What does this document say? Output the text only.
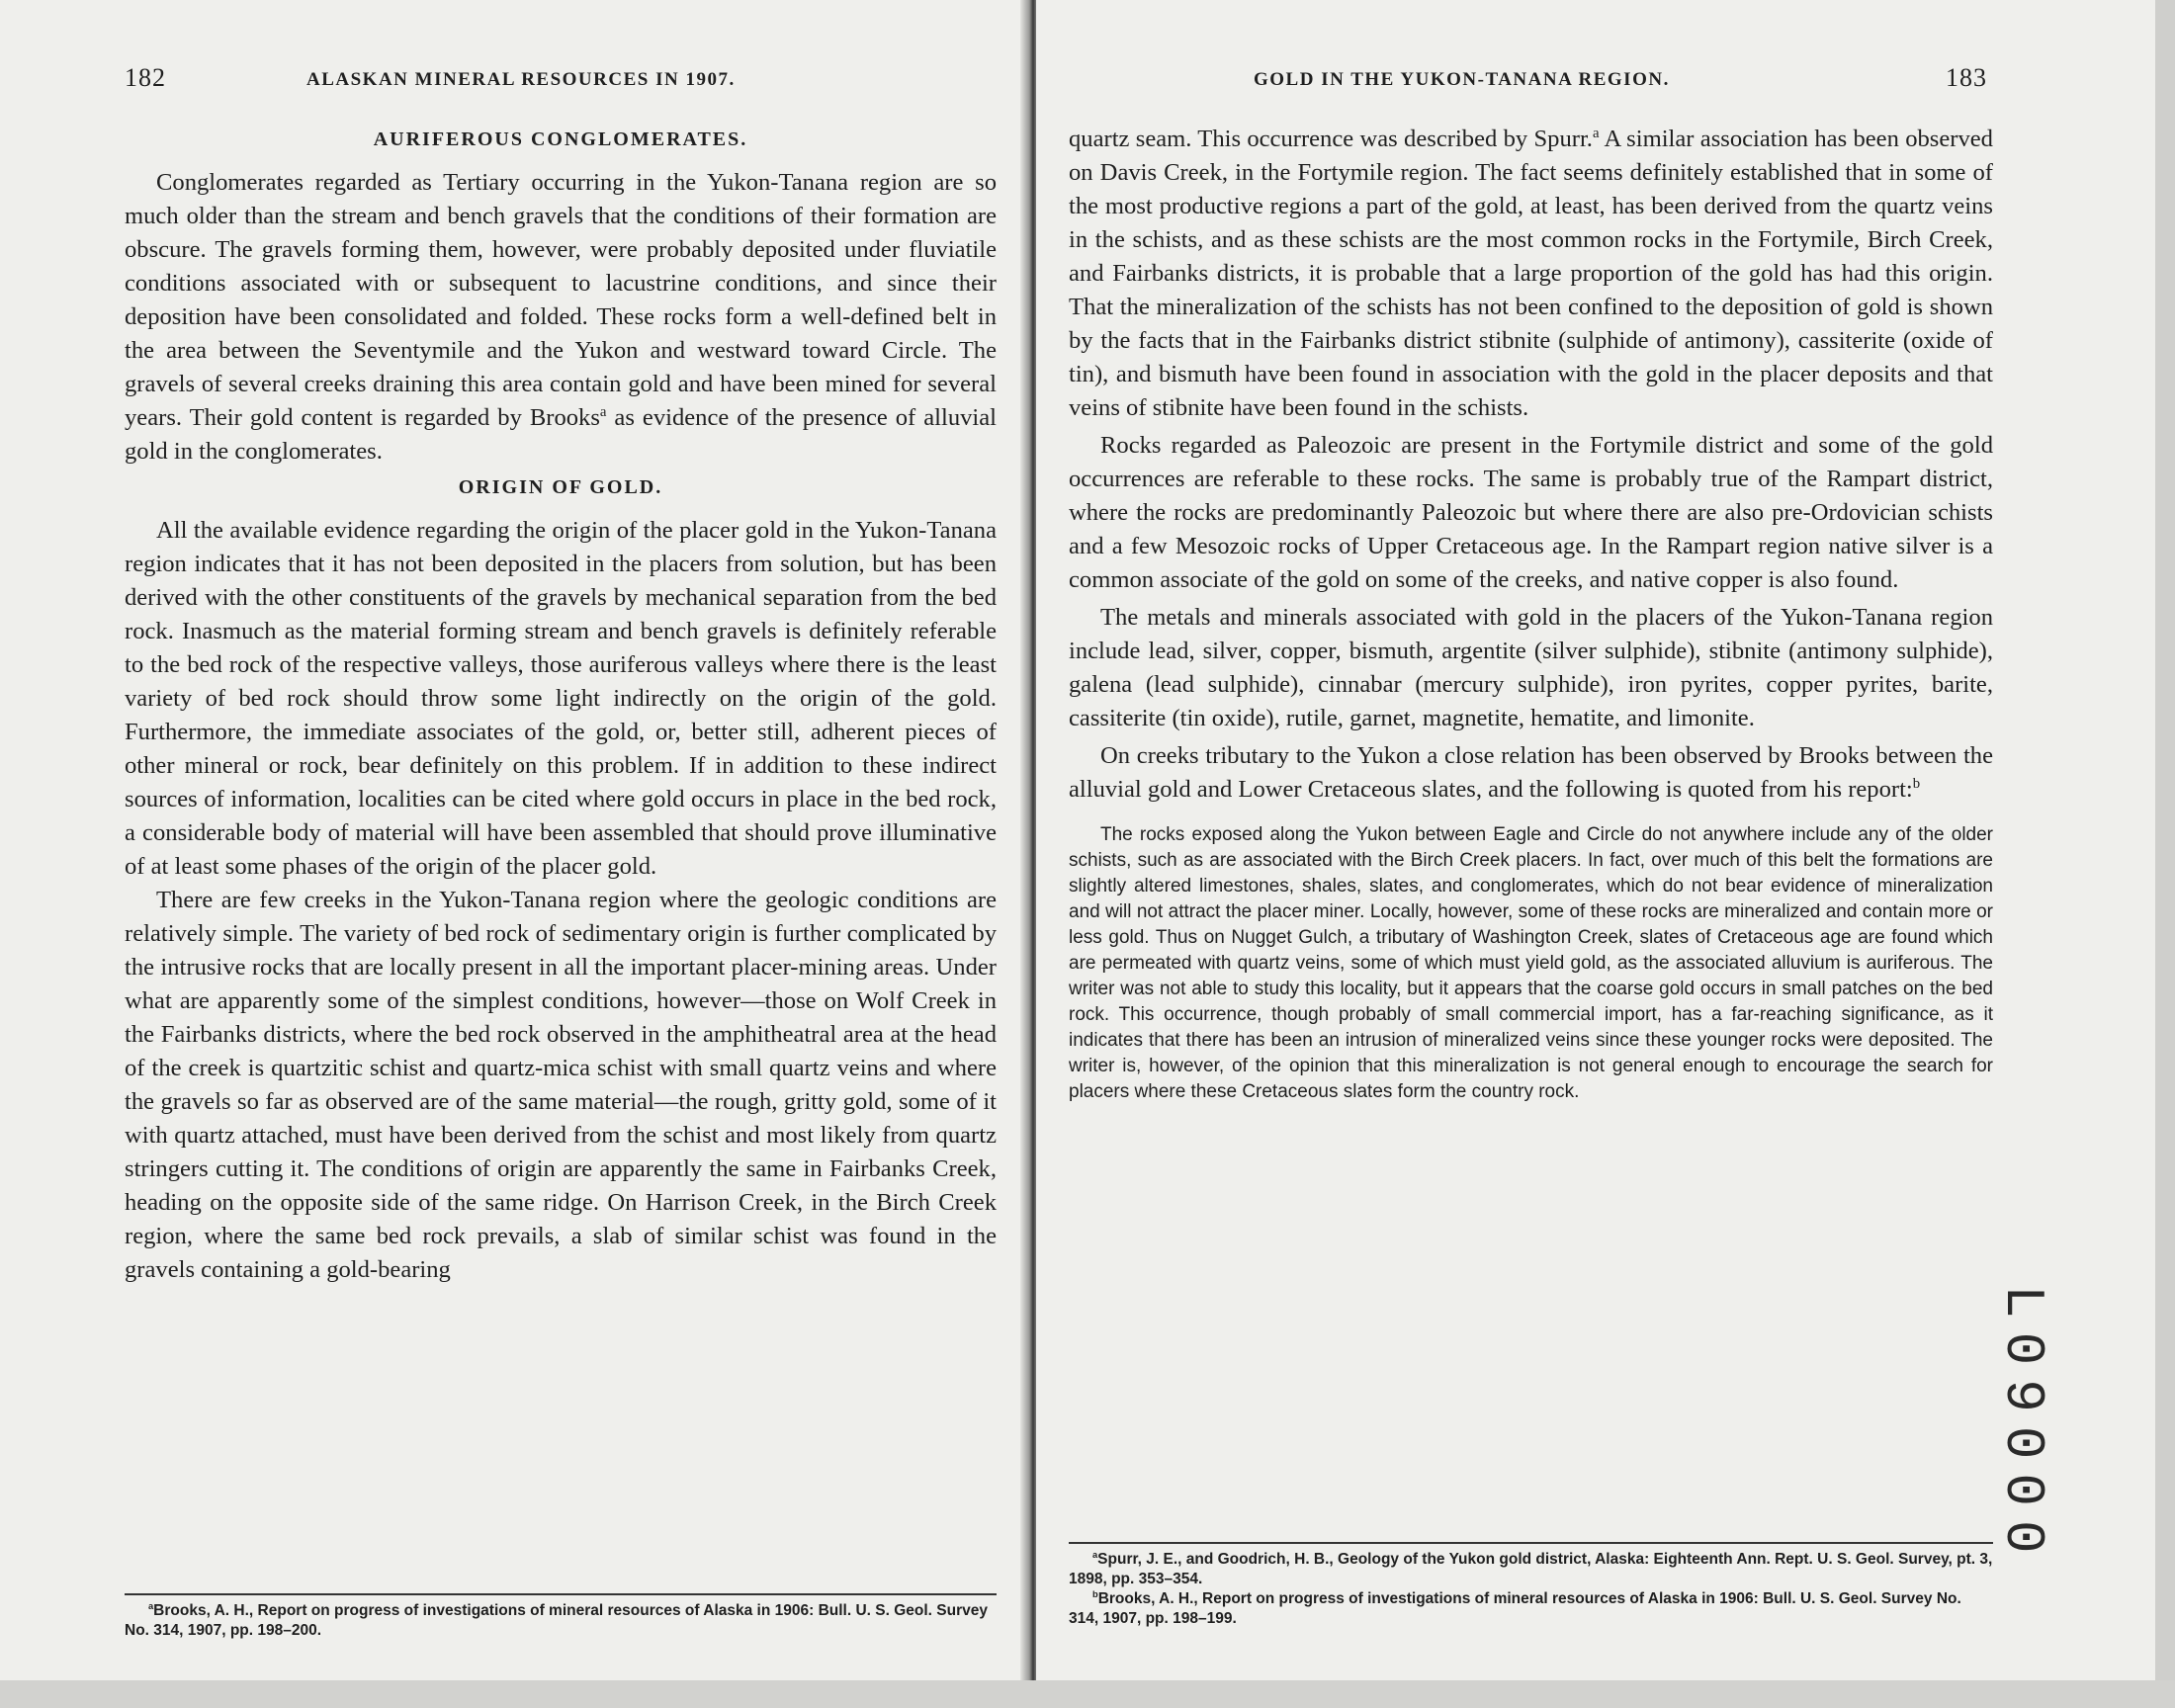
182	ALASKAN MINERAL RESOURCES IN 1907.

AURIFEROUS CONGLOMERATES.

Conglomerates regarded as Tertiary occurring in the Yukon-Tanana region are so much older than the stream and bench gravels that the conditions of their formation are obscure. The gravels forming them, however, were probably deposited under fluviatile conditions associated with or subsequent to lacustrine conditions, and since their deposition have been consolidated and folded. These rocks form a well-defined belt in the area between the Seventymile and the Yukon and westward toward Circle. The gravels of several creeks draining this area contain gold and have been mined for several years. Their gold content is regarded by Brooks$^a$ as evidence of the presence of alluvial gold in the conglomerates.

ORIGIN OF GOLD.

All the available evidence regarding the origin of the placer gold in the Yukon-Tanana region indicates that it has not been deposited in the placers from solution, but has been derived with the other constituents of the gravels by mechanical separation from the bed rock. Inasmuch as the material forming stream and bench gravels is definitely referable to the bed rock of the respective valleys, those auriferous valleys where there is the least variety of bed rock should throw some light indirectly on the origin of the gold. Furthermore, the immediate associates of the gold, or, better still, adherent pieces of other mineral or rock, bear definitely on this problem. If in addition to these indirect sources of information, localities can be cited where gold occurs in place in the bed rock, a considerable body of material will have been assembled that should prove illuminative of at least some phases of the origin of the placer gold.

There are few creeks in the Yukon-Tanana region where the geologic conditions are relatively simple. The variety of bed rock of sedimentary origin is further complicated by the intrusive rocks that are locally present in all the important placer-mining areas. Under what are apparently some of the simplest conditions, however—those on Wolf Creek in the Fairbanks districts, where the bed rock observed in the amphitheatral area at the head of the creek is quartzitic schist and quartz-mica schist with small quartz veins and where the gravels so far as observed are of the same material—the rough, gritty gold, some of it with quartz attached, must have been derived from the schist and most likely from quartz stringers cutting it. The conditions of origin are apparently the same in Fairbanks Creek, heading on the opposite side of the same ridge. On Harrison Creek, in the Birch Creek region, where the same bed rock prevails, a slab of similar schist was found in the gravels containing a gold-bearing

$^a$Brooks, A. H., Report on progress of investigations of mineral resources of Alaska in 1906: Bull. U. S. Geol. Survey No. 314, 1907, pp. 198–200.

GOLD IN THE YUKON-TANANA REGION.	183

quartz seam. This occurrence was described by Spurr.$^a$ A similar association has been observed on Davis Creek, in the Fortymile region. The fact seems definitely established that in some of the most productive regions a part of the gold, at least, has been derived from the quartz veins in the schists, and as these schists are the most common rocks in the Fortymile, Birch Creek, and Fairbanks districts, it is probable that a large proportion of the gold has had this origin. That the mineralization of the schists has not been confined to the deposition of gold is shown by the facts that in the Fairbanks district stibnite (sulphide of antimony), cassiterite (oxide of tin), and bismuth have been found in association with the gold in the placer deposits and that veins of stibnite have been found in the schists.

Rocks regarded as Paleozoic are present in the Fortymile district and some of the gold occurrences are referable to these rocks. The same is probably true of the Rampart district, where the rocks are predominantly Paleozoic but where there are also pre-Ordovician schists and a few Mesozoic rocks of Upper Cretaceous age. In the Rampart region native silver is a common associate of the gold on some of the creeks, and native copper is also found.

The metals and minerals associated with gold in the placers of the Yukon-Tanana region include lead, silver, copper, bismuth, argentite (silver sulphide), stibnite (antimony sulphide), galena (lead sulphide), cinnabar (mercury sulphide), iron pyrites, copper pyrites, barite, cassiterite (tin oxide), rutile, garnet, magnetite, hematite, and limonite.

On creeks tributary to the Yukon a close relation has been observed by Brooks between the alluvial gold and Lower Cretaceous slates, and the following is quoted from his report:$^b$

The rocks exposed along the Yukon between Eagle and Circle do not anywhere include any of the older schists, such as are associated with the Birch Creek placers. In fact, over much of this belt the formations are slightly altered limestones, shales, slates, and conglomerates, which do not bear evidence of mineralization and will not attract the placer miner. Locally, however, some of these rocks are mineralized and contain more or less gold. Thus on Nugget Gulch, a tributary of Washington Creek, slates of Cretaceous age are found which are permeated with quartz veins, some of which must yield gold, as the associated alluvium is auriferous. The writer was not able to study this locality, but it appears that the coarse gold occurs in small patches on the bed rock. This occurrence, though probably of small commercial import, has a far-reaching significance, as it indicates that there has been an intrusion of mineralized veins since these younger rocks were deposited. The writer is, however, of the opinion that this mineralization is not general enough to encourage the search for placers where these Cretaceous slates form the country rock.

$^a$Spurr, J. E., and Goodrich, H. B., Geology of the Yukon gold district, Alaska: Eighteenth Ann. Rept. U. S. Geol. Survey, pt. 3, 1898, pp. 353–354.

$^b$Brooks, A. H., Report on progress of investigations of mineral resources of Alaska in 1906: Bull. U. S. Geol. Survey No. 314, 1907, pp. 198–199.

L09000
